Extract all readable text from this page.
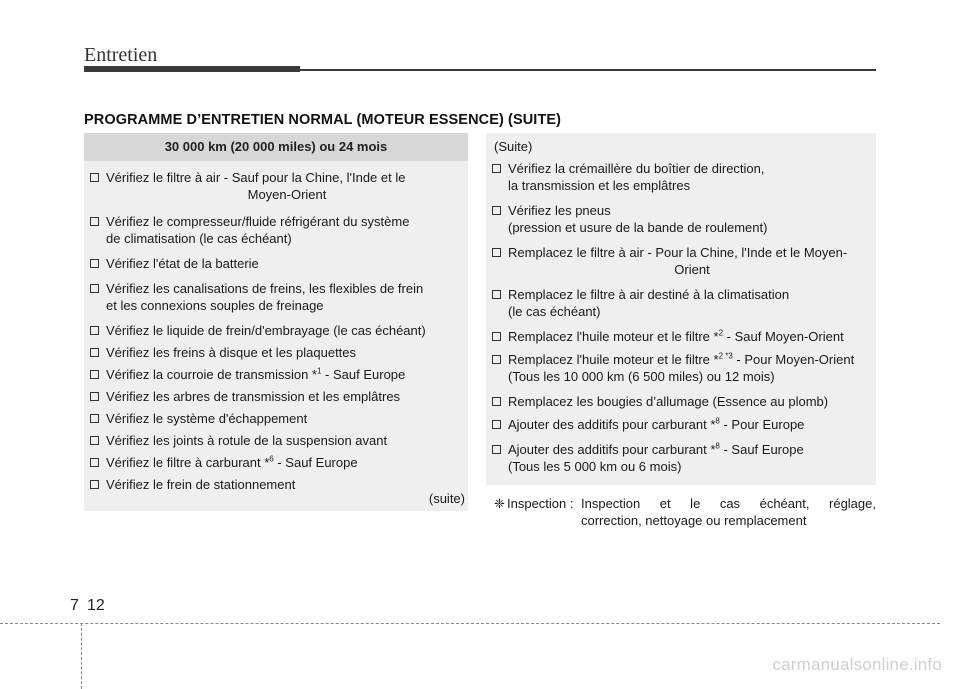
Entretien
PROGRAMME D’ENTRETIEN NORMAL (MOTEUR ESSENCE) (SUITE)
30 000 km (20 000 miles) ou 24 mois
Vérifiez le filtre à air - Sauf pour la Chine, l'Inde et le
Moyen-Orient
Vérifiez le compresseur/fluide réfrigérant du système
de climatisation (le cas échéant)
Vérifiez l'état de la batterie
Vérifiez les canalisations de freins, les flexibles de frein
et les connexions souples de freinage
Vérifiez le liquide de frein/d'embrayage (le cas échéant)
Vérifiez les freins à disque et les plaquettes
Vérifiez la courroie de transmission *$^1$ - Sauf Europe
Vérifiez les arbres de transmission et les emplâtres
Vérifiez le système d'échappement
Vérifiez les joints à rotule de la suspension avant
Vérifiez le filtre à carburant *$^6$ - Sauf Europe
Vérifiez le frein de stationnement
(suite)
(Suite)
Vérifiez la crémaillère du boîtier de direction,
la transmission et les emplâtres
Vérifiez les pneus
(pression et usure de la bande de roulement)
Remplacez le filtre à air - Pour la Chine, l'Inde et le Moyen-
Orient
Remplacez le filtre à air destiné à la climatisation
(le cas échéant)
Remplacez l'huile moteur et le filtre *$^2$ - Sauf Moyen-Orient
Remplacez l'huile moteur et le filtre *$^{2 *3}$ - Pour Moyen-Orient
(Tous les 10 000 km (6 500 miles) ou 12 mois)
Remplacez les bougies d’allumage (Essence au plomb)
Ajouter des additifs pour carburant *$^8$ - Pour Europe
Ajouter des additifs pour carburant *$^8$ - Sauf Europe
(Tous les 5 000 km ou 6 mois)
❈ Inspection : Inspection et le cas échéant, réglage,
correction, nettoyage ou remplacement
7 12
carmanualsonline.info
